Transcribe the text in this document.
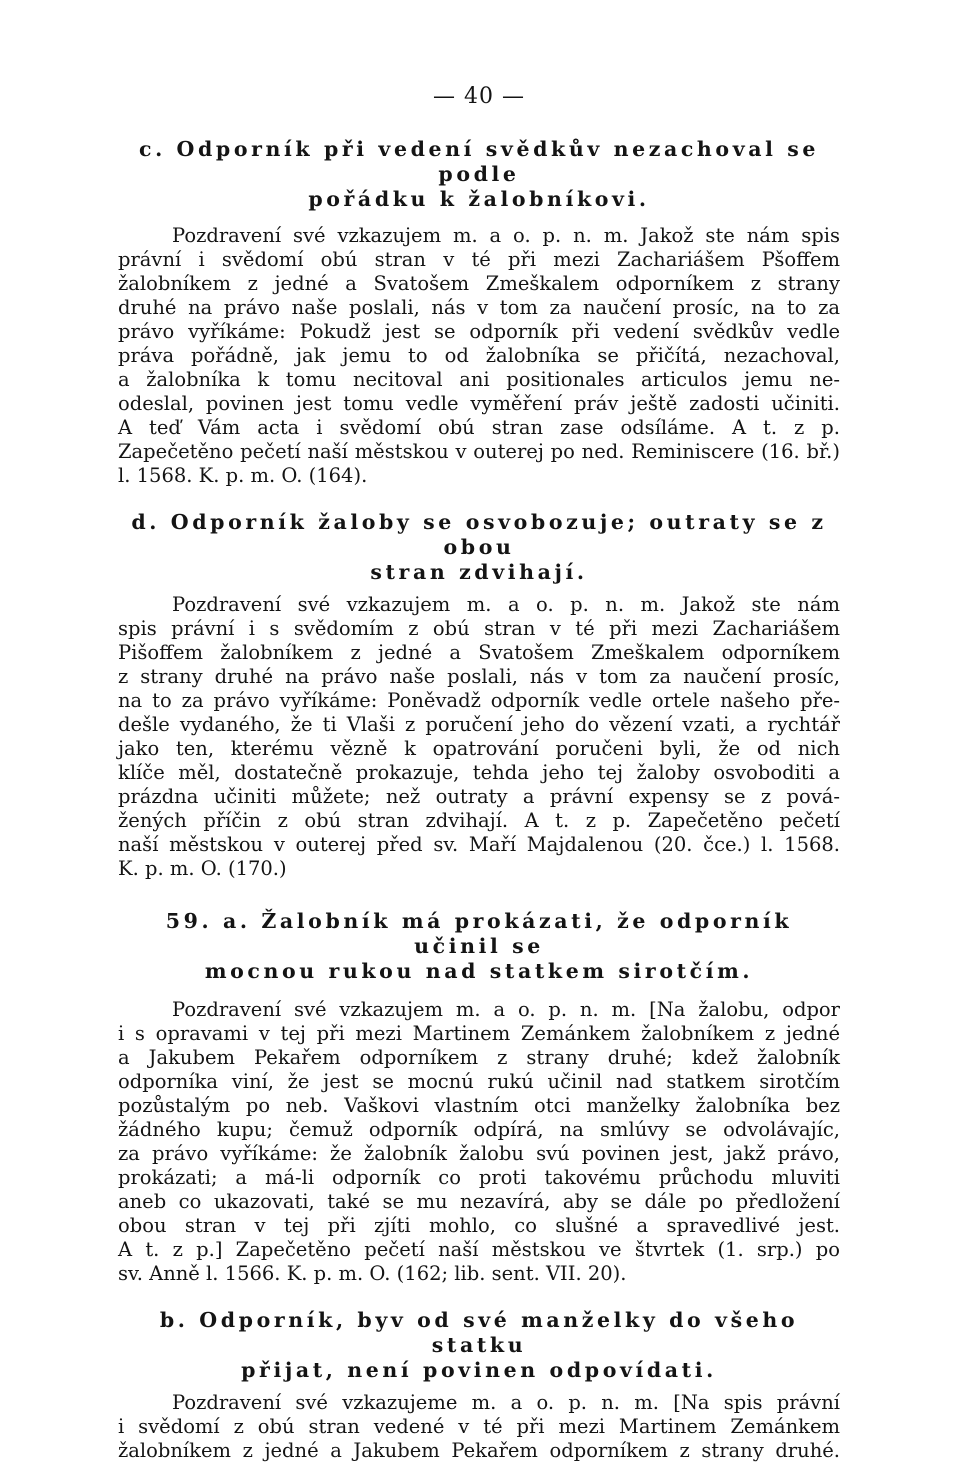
— 40 —
c. Odporník při vedení svědkův nezachoval se podle
pořádku k žalobníkovi.
Pozdravení své vzkazujem m. a o. p. n. m. Jakož ste nám spis
právní i svědomí obú stran v té při mezi Zachariášem Pšoffem
žalobníkem z jedné a Svatošem Zmeškalem odporníkem z strany
druhé na právo naše poslali, nás v tom za naučení prosíc, na to za
právo vyříkáme: Pokudž jest se odporník při vedení svědkův vedle
práva pořádně, jak jemu to od žalobníka se přičítá, nezachoval,
a žalobníka k tomu necitoval ani positionales articulos jemu ne-
odeslal, povinen jest tomu vedle vyměření práv ještě zadosti učiniti.
A teď Vám acta i svědomí obú stran zase odsíláme. A t. z p.
Zapečetěno pečetí naší městskou v outerej po ned. Reminiscere (16. bř.)
l. 1568. K. p. m. O. (164).
d. Odporník žaloby se osvobozuje; outraty se z obou
stran zdvihají.
Pozdravení své vzkazujem m. a o. p. n. m. Jakož ste nám
spis právní i s svědomím z obú stran v té při mezi Zachariášem
Pišoffem žalobníkem z jedné a Svatošem Zmeškalem odporníkem
z strany druhé na právo naše poslali, nás v tom za naučení prosíc,
na to za právo vyříkáme: Poněvadž odporník vedle ortele našeho pře-
dešle vydaného, že ti Vlaši z poručení jeho do vězení vzati, a rychtář
jako ten, kterému vězně k opatrování poručeni byli, že od nich
klíče měl, dostatečně prokazuje, tehda jeho tej žaloby osvoboditi a
prázdna učiniti můžete; než outraty a právní expensy se z pová-
žených příčin z obú stran zdvihají. A t. z p. Zapečetěno pečetí
naší městskou v outerej před sv. Maří Majdalenou (20. čce.) l. 1568.
K. p. m. O. (170.)
59. a. Žalobník má prokázati, že odporník učinil se
mocnou rukou nad statkem sirotčím.
Pozdravení své vzkazujem m. a o. p. n. m. [Na žalobu, odpor
i s opravami v tej při mezi Martinem Zemánkem žalobníkem z jedné
a Jakubem Pekařem odporníkem z strany druhé; kdež žalobník
odporníka viní, že jest se mocnú rukú učinil nad statkem sirotčím
pozůstalým po neb. Vaškovi vlastním otci manželky žalobníka bez
žádného kupu; čemuž odporník odpírá, na smlúvy se odvolávajíc,
za právo vyříkáme: že žalobník žalobu svú povinen jest, jakž právo,
prokázati; a má-li odporník co proti takovému průchodu mluviti
aneb co ukazovati, také se mu nezavírá, aby se dále po předložení
obou stran v tej při zjíti mohlo, co slušné a spravedlivé jest.
A t. z p.] Zapečetěno pečetí naší městskou ve štvrtek (1. srp.) po
sv. Anně l. 1566. K. p. m. O. (162; lib. sent. VII. 20).
b. Odporník, byv od své manželky do všeho statku
přijat, není povinen odpovídati.
Pozdravení své vzkazujeme m. a o. p. n. m. [Na spis právní
i svědomí z obú stran vedené v té při mezi Martinem Zemánkem
žalobníkem z jedné a Jakubem Pekařem odporníkem z strany druhé.
